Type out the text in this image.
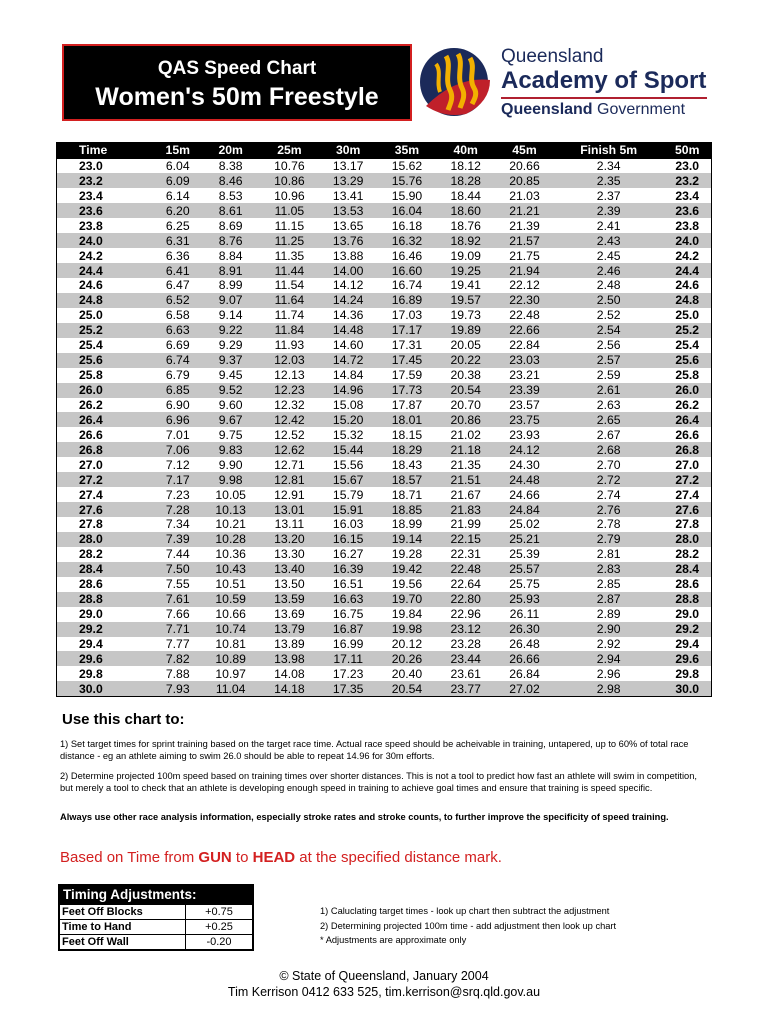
QAS Speed Chart
Women's 50m Freestyle
Queensland
Academy of Sport
Queensland Government
Time	15m	20m	25m	30m	35m	40m	45m	Finish 5m	50m
23.0	6.04	8.38	10.76	13.17	15.62	18.12	20.66	2.34	23.0
23.2	6.09	8.46	10.86	13.29	15.76	18.28	20.85	2.35	23.2
23.4	6.14	8.53	10.96	13.41	15.90	18.44	21.03	2.37	23.4
23.6	6.20	8.61	11.05	13.53	16.04	18.60	21.21	2.39	23.6
23.8	6.25	8.69	11.15	13.65	16.18	18.76	21.39	2.41	23.8
24.0	6.31	8.76	11.25	13.76	16.32	18.92	21.57	2.43	24.0
24.2	6.36	8.84	11.35	13.88	16.46	19.09	21.75	2.45	24.2
24.4	6.41	8.91	11.44	14.00	16.60	19.25	21.94	2.46	24.4
24.6	6.47	8.99	11.54	14.12	16.74	19.41	22.12	2.48	24.6
24.8	6.52	9.07	11.64	14.24	16.89	19.57	22.30	2.50	24.8
25.0	6.58	9.14	11.74	14.36	17.03	19.73	22.48	2.52	25.0
25.2	6.63	9.22	11.84	14.48	17.17	19.89	22.66	2.54	25.2
25.4	6.69	9.29	11.93	14.60	17.31	20.05	22.84	2.56	25.4
25.6	6.74	9.37	12.03	14.72	17.45	20.22	23.03	2.57	25.6
25.8	6.79	9.45	12.13	14.84	17.59	20.38	23.21	2.59	25.8
26.0	6.85	9.52	12.23	14.96	17.73	20.54	23.39	2.61	26.0
26.2	6.90	9.60	12.32	15.08	17.87	20.70	23.57	2.63	26.2
26.4	6.96	9.67	12.42	15.20	18.01	20.86	23.75	2.65	26.4
26.6	7.01	9.75	12.52	15.32	18.15	21.02	23.93	2.67	26.6
26.8	7.06	9.83	12.62	15.44	18.29	21.18	24.12	2.68	26.8
27.0	7.12	9.90	12.71	15.56	18.43	21.35	24.30	2.70	27.0
27.2	7.17	9.98	12.81	15.67	18.57	21.51	24.48	2.72	27.2
27.4	7.23	10.05	12.91	15.79	18.71	21.67	24.66	2.74	27.4
27.6	7.28	10.13	13.01	15.91	18.85	21.83	24.84	2.76	27.6
27.8	7.34	10.21	13.11	16.03	18.99	21.99	25.02	2.78	27.8
28.0	7.39	10.28	13.20	16.15	19.14	22.15	25.21	2.79	28.0
28.2	7.44	10.36	13.30	16.27	19.28	22.31	25.39	2.81	28.2
28.4	7.50	10.43	13.40	16.39	19.42	22.48	25.57	2.83	28.4
28.6	7.55	10.51	13.50	16.51	19.56	22.64	25.75	2.85	28.6
28.8	7.61	10.59	13.59	16.63	19.70	22.80	25.93	2.87	28.8
29.0	7.66	10.66	13.69	16.75	19.84	22.96	26.11	2.89	29.0
29.2	7.71	10.74	13.79	16.87	19.98	23.12	26.30	2.90	29.2
29.4	7.77	10.81	13.89	16.99	20.12	23.28	26.48	2.92	29.4
29.6	7.82	10.89	13.98	17.11	20.26	23.44	26.66	2.94	29.6
29.8	7.88	10.97	14.08	17.23	20.40	23.61	26.84	2.96	29.8
30.0	7.93	11.04	14.18	17.35	20.54	23.77	27.02	2.98	30.0
Use this chart to:
1) Set target times for sprint training based on the target race time. Actual race speed should be acheivable in training, untapered, up to 60% of total race distance - eg an athlete aiming to swim 26.0 should be able to repeat 14.96 for 30m efforts.
2) Determine projected 100m speed based on training times over shorter distances. This is not a tool to predict how fast an athlete will swim in competition, but merely a tool to check that an athlete is developing enough speed in training to achieve goal times and ensure that training is speed specific.
Always use other race analysis information, especially stroke rates and stroke counts, to further improve the specificity of speed training.
Based on Time from GUN to HEAD at the specified distance mark.
Timing Adjustments:
Feet Off Blocks	+0.75
Time to Hand	+0.25
Feet Off Wall	-0.20
1) Caluclating target times - look up chart then subtract the adjustment
2) Determining projected 100m time - add adjustment then look up chart
* Adjustments are approximate only
© State of Queensland, January 2004
Tim Kerrison 0412 633 525, tim.kerrison@srq.qld.gov.au
